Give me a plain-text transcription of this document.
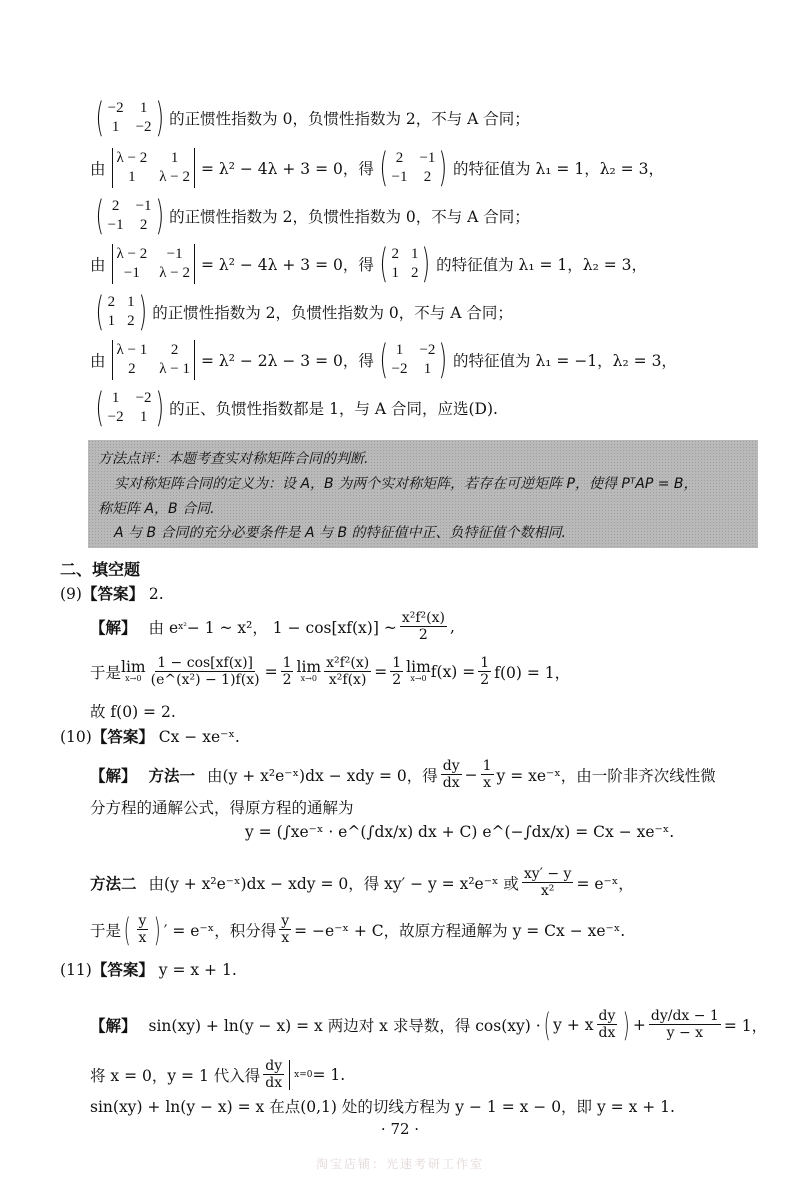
( −2 1
1 −2 ) 的正惯性指数为 0，负惯性指数为 2，不与 A 合同；
由
λ − 2	1
1	λ − 2 = λ² − 4λ + 3 = 0，得 ( 2 −1
−1 2 ) 的特征值为 λ₁ = 1，λ₂ = 3，
( 2 −1
−1 2 ) 的正惯性指数为 2，负惯性指数为 0，不与 A 合同；
由
λ − 2	−1
−1	λ − 2 = λ² − 4λ + 3 = 0，得 ( 2 1
1 2 ) 的特征值为 λ₁ = 1，λ₂ = 3，
( 2 1
1 2 ) 的正惯性指数为 2，负惯性指数为 0，不与 A 合同；
由
λ − 1	2
2	λ − 1 = λ² − 2λ − 3 = 0，得 ( 1 −2
−2 1 ) 的特征值为 λ₁ = −1，λ₂ = 3，
( 1 −2
−2 1 ) 的正、负惯性指数都是 1，与 A 合同，应选(D).
方法点评：本题考查实对称矩阵合同的判断.
实对称矩阵合同的定义为：设 A，B 为两个实对称矩阵，若存在可逆矩阵 P，使得 PᵀAP = B，
称矩阵 A，B 合同.
A 与 B 合同的充分必要条件是 A 与 B 的特征值中正、负特征值个数相同.
二、填空题
(9)【答案】 2.
【解】 由 e x² − 1 ~ x²， 1 − cos[xf(x)] ~ $\frac{\text{x²f²(x)}}{2}$ ,
于是 lim
$x\to 0 \frac{1 - \cos[xf(x)]}{\text{(e\textasciicircum{}(x²) − 1)f(x)}} = \frac{1}{2}$ lim
$x\to 0 \frac{\text{x²f²(x)}}{\text{x²f(x)}} = \frac{1}{2}$ lim
x→0 $f(x) = \frac{1}{2} f(0) = 1$，
故 f(0) = 2.
(10)【答案】 Cx − xe⁻ˣ.
【解】 方法一 由(y + x²e⁻ˣ)dx − xdy = 0，得 $\frac{dy}{dx} - \frac{1}{x}$ y = xe⁻ˣ，由一阶非齐次线性微
分方程的通解公式，得原方程的通解为
y = (∫xe⁻ˣ · e^(∫dx/x) dx + C) e^(−∫dx/x) = Cx − xe⁻ˣ.
方法二 由(y + x²e⁻ˣ)dx − xdy = 0，得 xy′ − y = x²e⁻ˣ 或 $\frac{xy' - y}{\text{x²}}$ = e⁻ˣ，
于是 ( $\frac{y}{x}$ ) ′ = e⁻ˣ，积分得 $\frac{y}{x}$ = −e⁻ˣ + C，故原方程通解为 y = Cx − xe⁻ˣ.
(11)【答案】 y = x + 1.
【解】 sin(xy) + ln(y − x) = x 两边对 x 求导数，得 cos(xy) · ( y + x $\frac{dy}{dx}$ ) + $\frac{dy/dx - 1}{y - x} = 1$，
将 x = 0，y = 1 代入得 $\frac{dy}{dx} x=0 = 1$.
sin(xy) + ln(y − x) = x 在点(0,1) 处的切线方程为 y − 1 = x − 0，即 y = x + 1.
· 72 ·
淘宝店铺：光速考研工作室
